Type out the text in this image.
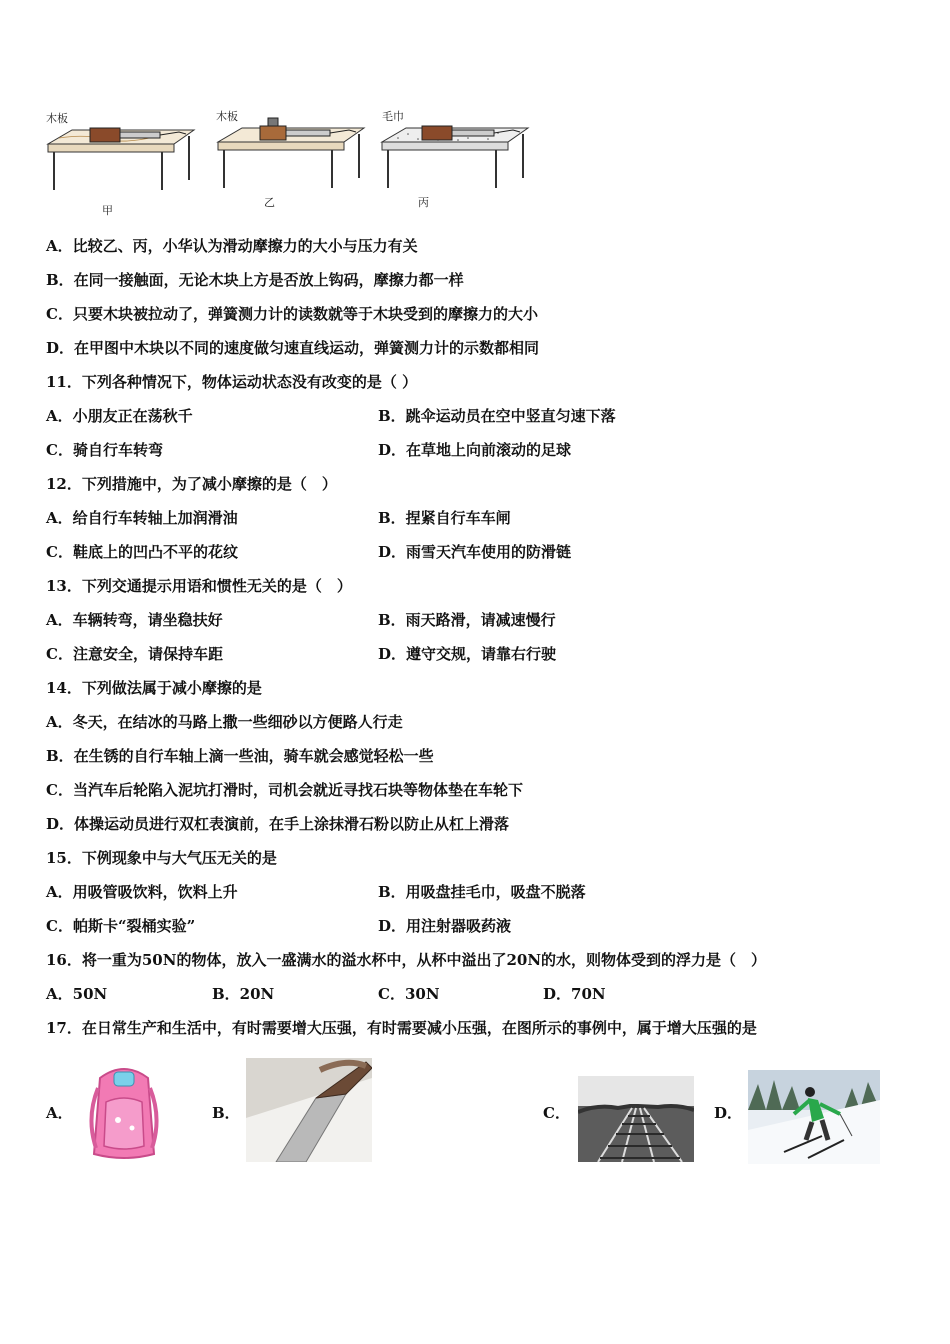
木板
甲
木板
乙
毛巾
丙
A．比较乙、丙，小华认为滑动摩擦力的大小与压力有关
B．在同一接触面，无论木块上方是否放上钩码，摩擦力都一样
C．只要木块被拉动了，弹簧测力计的读数就等于木块受到的摩擦力的大小
D．在甲图中木块以不同的速度做匀速直线运动，弹簧测力计的示数都相同
11．下列各种情况下，物体运动状态没有改变的是（ ）
A．小朋友正在荡秋千	B．跳伞运动员在空中竖直匀速下落
C．骑自行车转弯	D．在草地上向前滚动的足球
12．下列措施中，为了减小摩擦的是（　）
A．给自行车转轴上加润滑油	B．捏紧自行车车闸
C．鞋底上的凹凸不平的花纹	D．雨雪天汽车使用的防滑链
13．下列交通提示用语和惯性无关的是（　）
A．车辆转弯，请坐稳扶好	B．雨天路滑，请减速慢行
C．注意安全，请保持车距	D．遵守交规，请靠右行驶
14．下列做法属于减小摩擦的是
A．冬天，在结冰的马路上撒一些细砂以方便路人行走
B．在生锈的自行车轴上滴一些油，骑车就会感觉轻松一些
C．当汽车后轮陷入泥坑打滑时，司机会就近寻找石块等物体垫在车轮下
D．体操运动员进行双杠表演前，在手上涂抹滑石粉以防止从杠上滑落
15．下例现象中与大气压无关的是
A．用吸管吸饮料，饮料上升	B．用吸盘挂毛巾，吸盘不脱落
C．帕斯卡“裂桶实验”	D．用注射器吸药液
16．将一重为50N的物体，放入一盛满水的溢水杯中，从杯中溢出了20N的水，则物体受到的浮力是（　）
A．50N	B．20N	C．30N	D．70N
17．在日常生产和生活中，有时需要增大压强，有时需要减小压强，在图所示的事例中，属于增大压强的是
A．	B．	C．	D．
